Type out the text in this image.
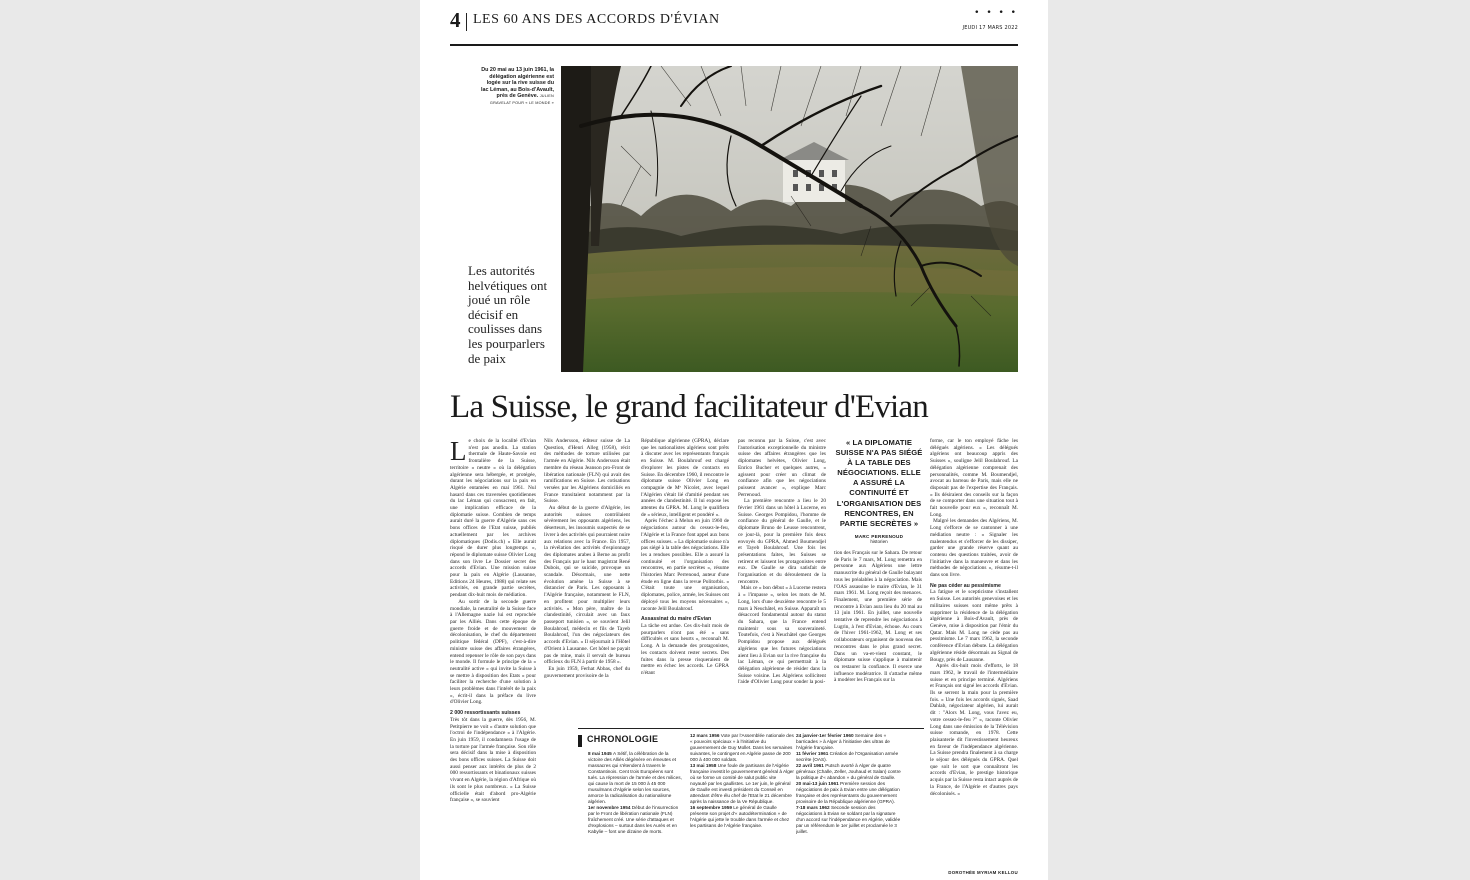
4 LES 60 ANS DES ACCORDS D'ÉVIAN	• • • •
JEUDI 17 MARS 2022
Du 20 mai au 13 juin 1961, la délégation algérienne est logée sur la rive suisse du lac Léman, au Bois-d'Avault, près de Genève. JULIEN GRAVELAT POUR « LE MONDE »
Les autorités helvétiques ont joué un rôle décisif en coulisses dans les pourparlers de paix
La Suisse, le grand facilitateur d'Evian
L e choix de la localité d'Evian n'est pas anodin. La station thermale de Haute-Savoie est frontalière de la Suisse, territoire « neutre » où la délégation algérienne sera hébergée, et protégée, durant les négociations sur la paix en Algérie entamées en mai 1961. Nul hasard dans ces traversées quotidiennes du lac Léman qui consacrent, en fait, une implication efficace de la diplomatie suisse. Combien de temps aurait duré la guerre d'Algérie sans ces bons offices de l'Etat suisse, publiés actuellement par les archives diplomatiques (Dodis.ch) « Elle aurait risqué de durer plus longtemps », répond le diplomate suisse Olivier Long dans son livre Le Dossier secret des accords d'Evian. Une mission suisse pour la paix en Algérie (Lausanne, Editions 24 Heures, 1988) qui relate ses activités, en grande partie secrètes, pendant dix-huit mois de médiation.
Au sortir de la seconde guerre mondiale, la neutralité de la Suisse face à l'Allemagne nazie lui est reprochée par les Alliés. Dans cette époque de guerre froide et de mouvement de décolonisation, le chef du département politique fédéral (DPF), c'est-à-dire ministre suisse des affaires étrangères, entend repenser le rôle de son pays dans le monde. Il formule le principe de la « neutralité active » qui invite la Suisse à se mettre à disposition des Etats « pour faciliter la recherche d'une solution à leurs problèmes dans l'intérêt de la paix », écrit-il dans la préface du livre d'Olivier Long.
2 000 ressortissants suisses
Très tôt dans la guerre, dès 1956, M. Petitpierre ne voit « d'autre solution que l'octroi de l'indépendance » à l'Algérie. En juin 1959, il condamnera l'usage de la torture par l'armée française. Son rôle sera décisif dans la mise à disposition des bons offices suisses. La Suisse doit aussi penser aux intérêts de plus de 2 000 ressortissants et binationaux suisses vivant en Algérie, la région d'Afrique où ils sont le plus nombreux. « La Suisse officielle était d'abord pro-Algérie française », se souvient
Nils Andersson, éditeur suisse de La Question, d'Henri Alleg (1958), récit des méthodes de torture utilisées par l'armée en Algérie. Nils Andersson était membre du réseau Jeanson pro-Front de libération nationale (FLN) qui avait des ramifications en Suisse. Les cotisations versées par les Algériens domiciliés en France transitaient notamment par la Suisse.
Au début de la guerre d'Algérie, les autorités suisses contrôlaient sévèrement les opposants algériens, les déserteurs, les insoumis suspectés de se livrer à des activités qui pourraient nuire aux relations avec la France. En 1957, la révélation des activités d'espionnage des diplomates arabes à Berne au profit des Français par le haut magistrat René Dubois, qui se suicide, provoque un scandale. Désormais, une nette évolution amène la Suisse à se distancier de Paris. Les opposants à l'Algérie française, notamment le FLN, en profitent pour multiplier leurs activités. « Mon père, maître de la clandestinité, circulait avec un faux passeport tunisien », se souvient Jelil Boulahrouf, médecin et fils de Tayeb Boulahrouf, l'un des négociateurs des accords d'Evian. « Il séjournait à l'Hôtel d'Orient à Lausanne. Cet hôtel ne payait pas de mine, mais il servait de bureau officieux du FLN à partir de 1958 ».
En juin 1959, Ferhat Abbas, chef du gouvernement provisoire de la
République algérienne (GPRA), déclare que les nationalistes algériens sont prêts à discuter avec les représentants français en Suisse. M. Boulahrouf est chargé d'explorer les pistes de contacts en Suisse. En décembre 1960, il rencontre le diplomate suisse Olivier Long en compagnie de Mᵉ Nicolet, avec lequel l'Algérien s'était lié d'amitié pendant ses années de clandestinité. Il lui expose les attentes du GPRA. M. Long le qualifiera de « sérieux, intelligent et pondéré ».
Après l'échec à Melun en juin 1960 de négociations autour du cessez-le-feu, l'Algérie et la France font appel aux bons offices suisses. « La diplomatie suisse n'a pas siégé à la table des négociations. Elle les a rendues possibles. Elle a assuré la continuité et l'organisation des rencontres, en partie secrètes », résume l'historien Marc Perrenoud, auteur d'une étude en ligne dans la revue Politorbis. « C'était toute une organisation, diplomates, police, armée, les Suisses ont déployé tous les moyens nécessaires », raconte Jelil Boulahrouf.
Assassinat du maire d'Evian
La tâche est ardue. Ces dix-huit mois de pourparlers n'ont pas été « sans difficultés et sans heurts », reconnaît M. Long. A la demande des protagonistes, les contacts doivent rester secrets. Des fuites dans la presse risqueraient de mettre en échec les accords. Le GPRA n'étant
pas reconnu par la Suisse, c'est avec l'autorisation exceptionnelle du ministre suisse des affaires étrangères que les diplomates helvètes, Olivier Long, Enrico Bucher et quelques autres, « agissent pour créer un climat de confiance afin que les négociations puissent avancer », explique Marc Perrenoud.
La première rencontre a lieu le 20 février 1961 dans un hôtel à Lucerne, en Suisse. Georges Pompidou, l'homme de confiance du général de Gaulle, et le diplomate Bruno de Leusse rencontrent, ce jour-là, pour la première fois deux envoyés du GPRA, Ahmed Boumendjel et Tayeb Boulahrouf. Une fois les présentations faites, les Suisses se retirent et laissent les protagonistes entre eux. De Gaulle se dira satisfait de l'organisation et du déroulement de la rencontre.
Mais ce « bon début » à Lucerne restera à « l'impasse », selon les mots de M. Long, lors d'une deuxième rencontre le 5 mars à Neuchâtel, en Suisse. Apparaît un désaccord fondamental autour du statut du Sahara, que la France entend maintenir sous sa souveraineté. Toutefois, c'est à Neuchâtel que Georges Pompidou propose aux délégués algériens que les futures négociations aient lieu à Evian sur la rive française du lac Léman, ce qui permettrait à la délégation algérienne de résider dans la Suisse voisine. Les Algériens sollicitent l'aide d'Olivier Long pour sonder la posi-
« LA DIPLOMATIE SUISSE N'A PAS SIÉGÉ À LA TABLE DES NÉGOCIATIONS. ELLE A ASSURÉ LA CONTINUITÉ ET L'ORGANISATION DES RENCONTRES, EN PARTIE SECRÈTES »
MARC PERRENOUD
historien
tion des Français sur le Sahara. De retour de Paris le 7 mars, M. Long remettra en personne aux Algériens une lettre manuscrite du général de Gaulle balayant tous les préalables à la négociation. Mais l'OAS assassine le maire d'Evian, le 31 mars 1961. M. Long reçoit des menaces. Finalement, une première série de rencontre à Evian aura lieu du 20 mai au 13 juin 1961. En juillet, une nouvelle tentative de reprendre les négociations à Lugrin, à l'est d'Evian, échoue. Au cours de l'hiver 1961-1962, M. Long et ses collaborateurs organisent de nouveau des rencontres dans le plus grand secret. Dans un va-et-vient constant, le diplomate suisse s'applique à maintenir ou restaurer la confiance. Il exerce une influence modératrice. Il s'attache même à modérer les Français sur la
forme, car le ton employé fâche les délégués algériens. « Les délégués algériens ont beaucoup appris des Suisses », souligne Jelil Boulahrouf. La délégation algérienne comprenait des personnalités, comme M. Boumendjel, avocat au barreau de Paris, mais elle ne disposait pas de l'expertise des Français. « Ils désiraient des conseils sur la façon de se comporter dans une situation tout à fait nouvelle pour eux », reconnaît M. Long.
Malgré les demandes des Algériens, M. Long s'efforce de se cantonner à une médiation neutre : « Signaler les malentendus et s'efforcer de les dissiper, garder une grande réserve quant au contenu des questions traitées, avoir de l'initiative dans la manœuvre et dans les méthodes de négociations », résume-t-il dans son livre.
Ne pas céder au pessimisme
La fatigue et le scepticisme s'installent en Suisse. Les autorités genevoises et les militaires suisses sont même prêts à supprimer la résidence de la délégation algérienne à Bois-d'Avault, près de Genève, mise à disposition par l'émir du Qatar. Mais M. Long ne cède pas au pessimisme. Le 7 mars 1962, la seconde conférence d'Evian débute. La délégation algérienne réside désormais au Signal de Bougy, près de Lausanne.
Après dix-huit mois d'efforts, le 18 mars 1962, le travail de l'intermédiaire suisse et en principe terminé. Algériens et Français ont signé les accords d'Evian. Ils se serrent la main pour la première fois. « Une fois les accords signés, Saad Dahlab, négociateur algérien, lui aurait dit : "Alors M. Long, vous l'avez eu, votre cessez-le-feu ?" », raconte Olivier Long dans une émission de la Télévision suisse romande, en 1978. Cette plaisanterie dit l'investissement heureux en faveur de l'indépendance algérienne. La Suisse prendra finalement à sa charge le séjour des délégués du GPRA. Quel que soit le sort que connaîtront les accords d'Evian, le prestige historique acquis par la Suisse resta intact auprès de la France, de l'Algérie et d'autres pays décolonisés. »
CHRONOLOGIE
8 mai 1945 A Sétif, la célébration de la victoire des Alliés dégénère en émeutes et massacres qui s'étendent à travers le Constantinois. Cent trois Européens sont tués. La répression de l'armée et des milices, qui cause la mort de 15 000 à 45 000 musulmans d'Algérie selon les sources, amorce la radicalisation du nationalisme algérien.
1er novembre 1954 Début de l'insurrection par le Front de libération nationale (FLN) fraîchement créé. Une série d'attaques et d'explosions – surtout dans les Aurès et en Kabylie – font une dizaine de morts.
12 mars 1956 Vote par l'Assemblée nationale des « pouvoirs spéciaux » à l'initiative du gouvernement de Guy Mollet. Dans les semaines suivantes, le contingent en Algérie passe de 200 000 à 400 000 soldats.
13 mai 1958 Une foule de partisans de l'Algérie française investit le gouvernement général à Alger où se forme un comité de salut public vite noyauté par les gaullistes. Le 1er juin, le général de Gaulle est investi président du Conseil en attendant d'être élu chef de l'Etat le 21 décembre après la naissance de la Ve République.
16 septembre 1959 Le général de Gaulle présente son projet d'« autodétermination » de l'Algérie qui jette le trouble dans l'armée et chez les partisans de l'Algérie française.
24 janvier-1er février 1960 Semaine des « barricades » à Alger à l'initiative des ultras de l'Algérie française.
11 février 1961 Création de l'Organisation armée secrète (OAS).
22 avril 1961 Putsch avorté à Alger de quatre généraux (Challe, Zeller, Jouhaud et Salan) contre la politique d'« abandon » du général de Gaulle.
20 mai-13 juin 1961 Première session des négociations de paix à Evian entre une délégation française et des représentants du gouvernement provisoire de la République algérienne (GPRA).
7-18 mars 1962 Seconde session des négociations à Evian se soldant par la signature d'un accord sur l'indépendance en Algérie, validée par un référendum le 1er juillet et proclamée le 3 juillet.
DOROTHÉE MYRIAM KELLOU
